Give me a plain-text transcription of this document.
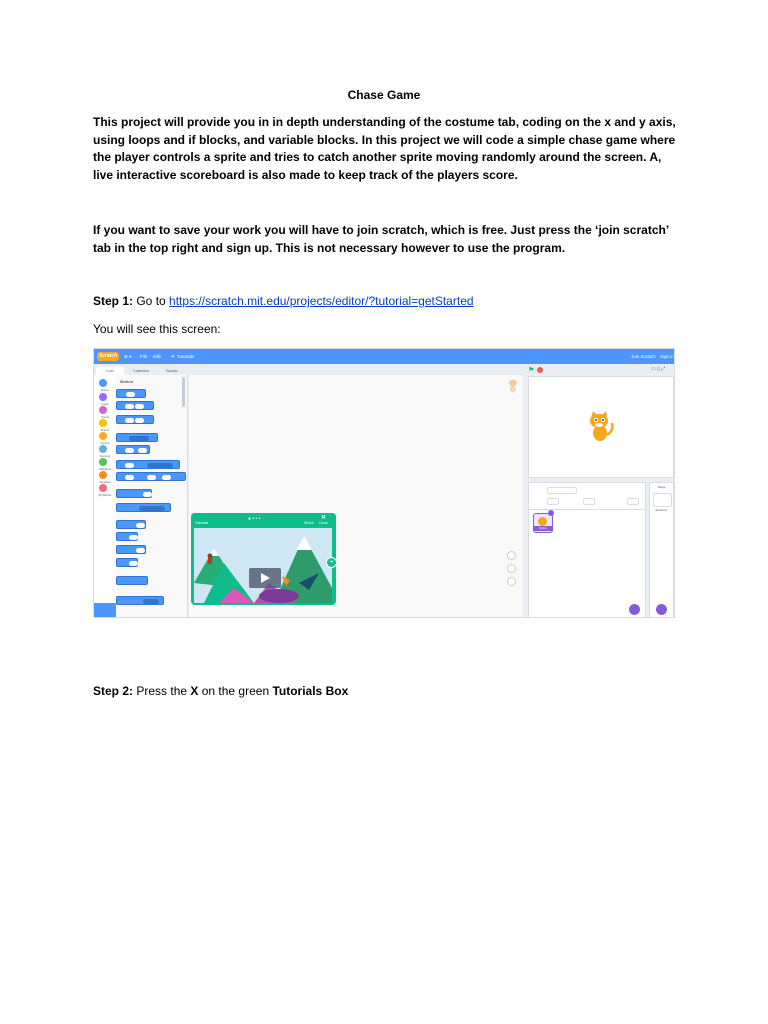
Chase Game
This project will provide you in in depth understanding of the costume tab, coding on the x and y axis, using loops and if blocks, and variable blocks. In this project we will code a simple chase game where the player controls a sprite and tries to catch another sprite moving randomly around the screen. A, live interactive scoreboard is also made to keep track of the players score.
If you want to save your work you will have to join scratch, which is free. Just press the ‘join scratch’ tab in the top right and sign up. This is not necessary however to use the program.
Step 1: Go to https://scratch.mit.edu/projects/editor/?tutorial=getStarted
You will see this screen:
Scratch	⊕ ▾ File Edit ✦ Tutorials	Join Scratch Sign in
Code	Costumes	Sounds
Motion
Looks
Sound
Events
Control
Sensing
Operators
Variables
My Blocks
Motion
Tutorials
● • • •
Shrink
✕
Close
➔
⚑	▭ ▯ ⤢
Sprite1
Stage
Backdrops
Step 2: Press the X on the green Tutorials Box
